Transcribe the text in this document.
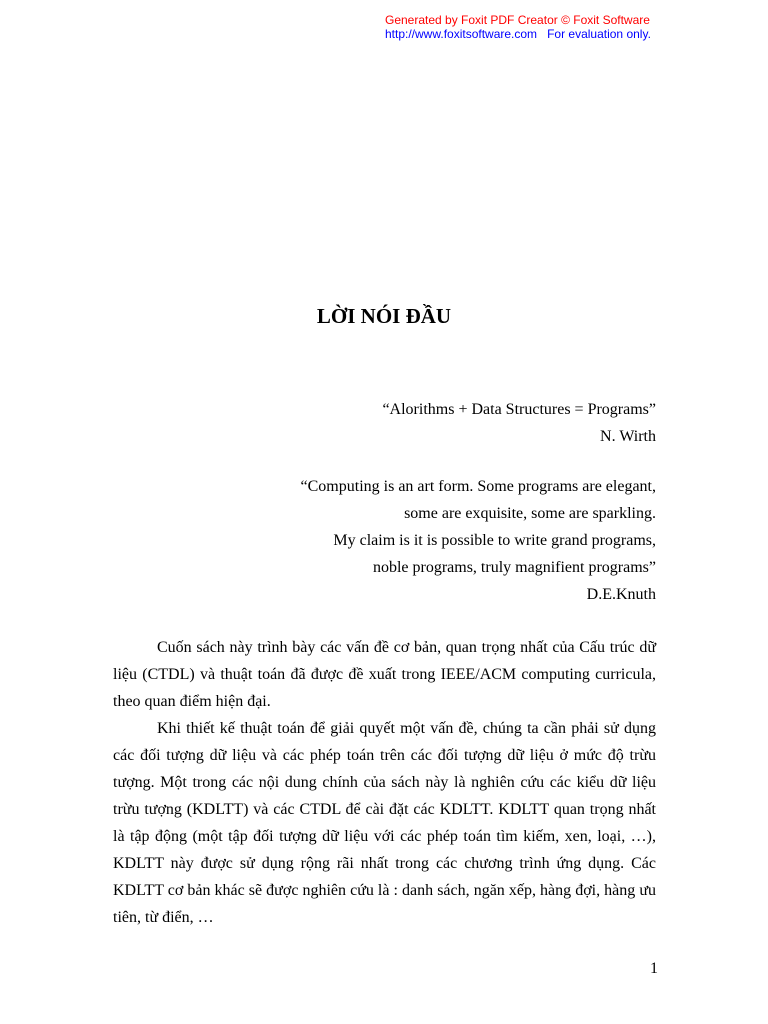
Generated by Foxit PDF Creator © Foxit Software
http://www.foxitsoftware.com For evaluation only.
LỜI NÓI ĐẦU
“Alorithms + Data Structures = Programs”
N. Wirth
“Computing is an art form. Some programs are elegant,
some are exquisite, some are sparkling.
My claim is it is possible to write grand programs,
noble programs, truly magnifient programs”
D.E.Knuth

Cuốn sách này trình bày các vấn đề cơ bản, quan trọng nhất của Cấu trúc dữ liệu (CTDL) và thuật toán đã được đề xuất trong IEEE/ACM computing curricula, theo quan điểm hiện đại.

Khi thiết kế thuật toán để giải quyết một vấn đề, chúng ta cần phải sử dụng các đối tượng dữ liệu và các phép toán trên các đối tượng dữ liệu ở mức độ trừu tượng. Một trong các nội dung chính của sách này là nghiên cứu các kiểu dữ liệu trừu tượng (KDLTT) và các CTDL để cài đặt các KDLTT. KDLTT quan trọng nhất là tập động (một tập đối tượng dữ liệu với các phép toán tìm kiếm, xen, loại, …), KDLTT này được sử dụng rộng rãi nhất trong các chương trình ứng dụng. Các KDLTT cơ bản khác sẽ được nghiên cứu là : danh sách, ngăn xếp, hàng đợi, hàng ưu tiên, từ điển, …

1
